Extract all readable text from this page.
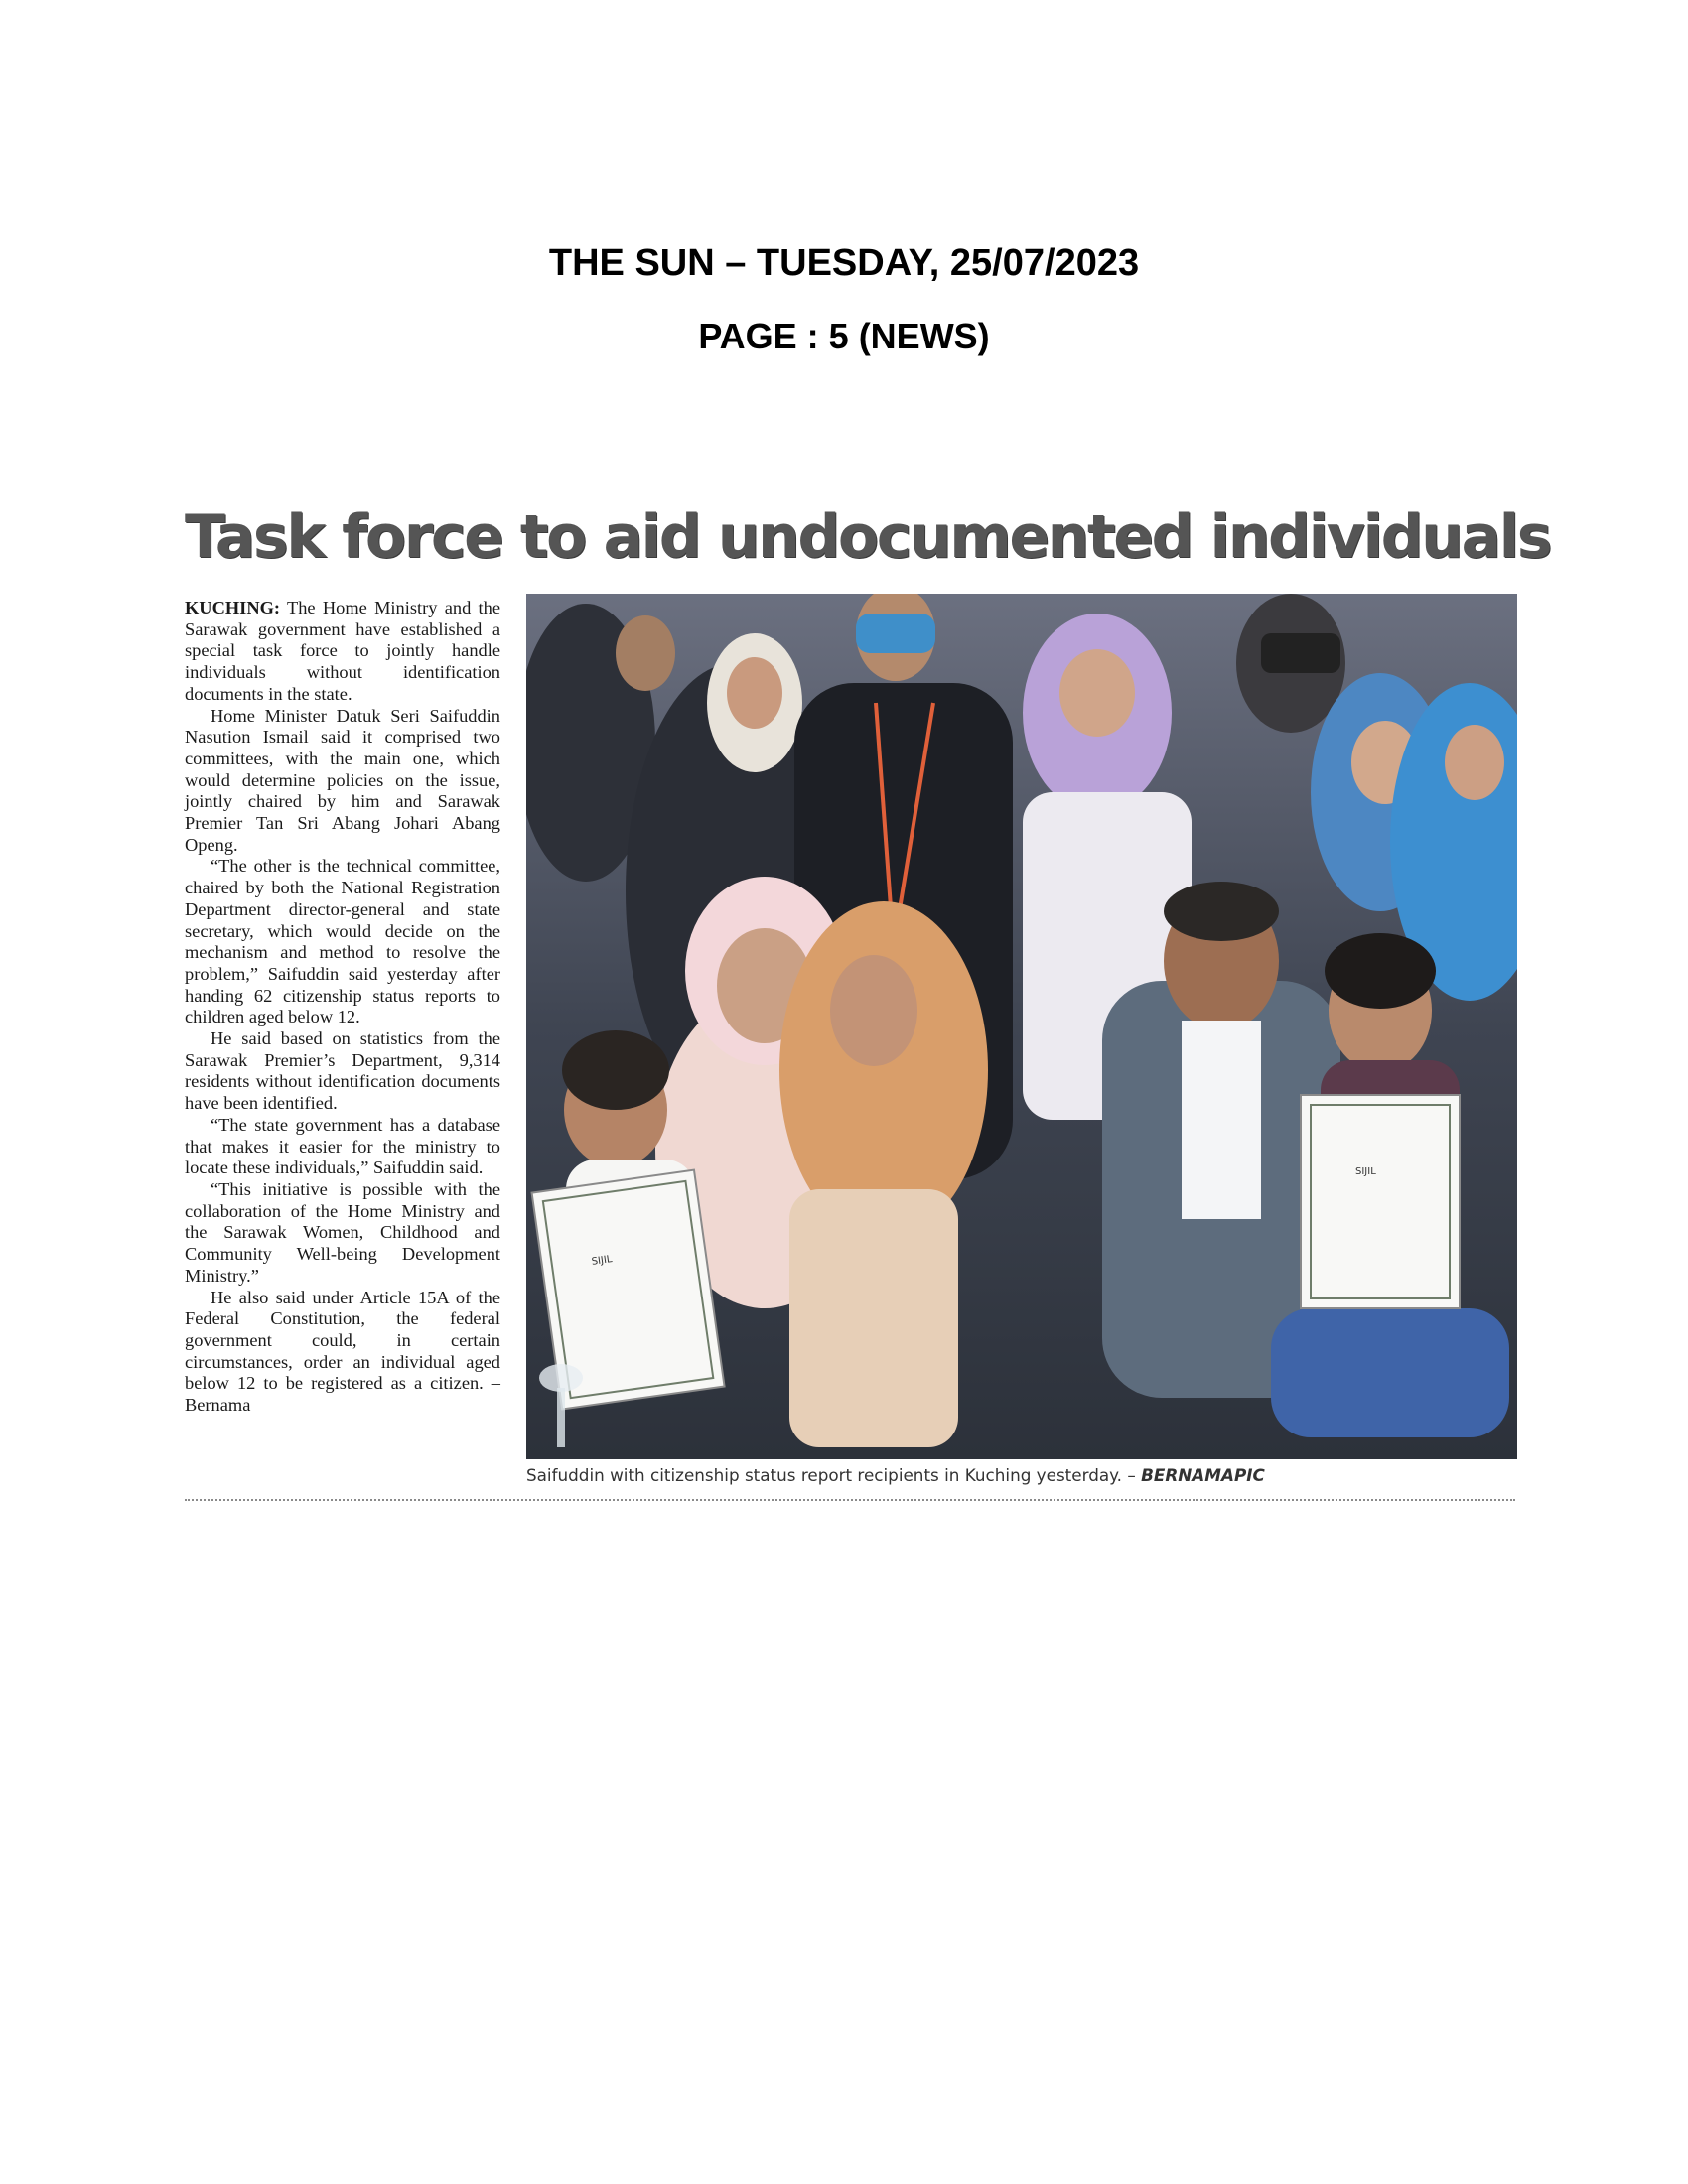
THE SUN – TUESDAY, 25/07/2023
PAGE : 5 (NEWS)
Task force to aid undocumented individuals

KUCHING: The Home Ministry and the Sarawak government have established a special task force to jointly handle individuals without identification documents in the state.

Home Minister Datuk Seri Saifuddin Nasution Ismail said it comprised two committees, with the main one, which would determine policies on the issue, jointly chaired by him and Sarawak Premier Tan Sri Abang Johari Abang Openg.

“The other is the technical committee, chaired by both the National Registration Department director-general and state secretary, which would decide on the mechanism and method to resolve the problem,” Saifuddin said yesterday after handing 62 citizenship status reports to children aged below 12.

He said based on statistics from the Sarawak Premier’s Department, 9,314 residents without identification documents have been identified.

“The state government has a database that makes it easier for the ministry to locate these individuals,” Saifuddin said.

“This initiative is possible with the collaboration of the Home Ministry and the Sarawak Women, Childhood and Community Well-being Development Ministry.”

He also said under Article 15A of the Federal Constitution, the federal government could, in certain circumstances, order an individual aged below 12 to be registered as a citizen. – Bernama

SIJIL
SIJIL
Saifuddin with citizenship status report recipients in Kuching yesterday. – BERNAMAPIC
